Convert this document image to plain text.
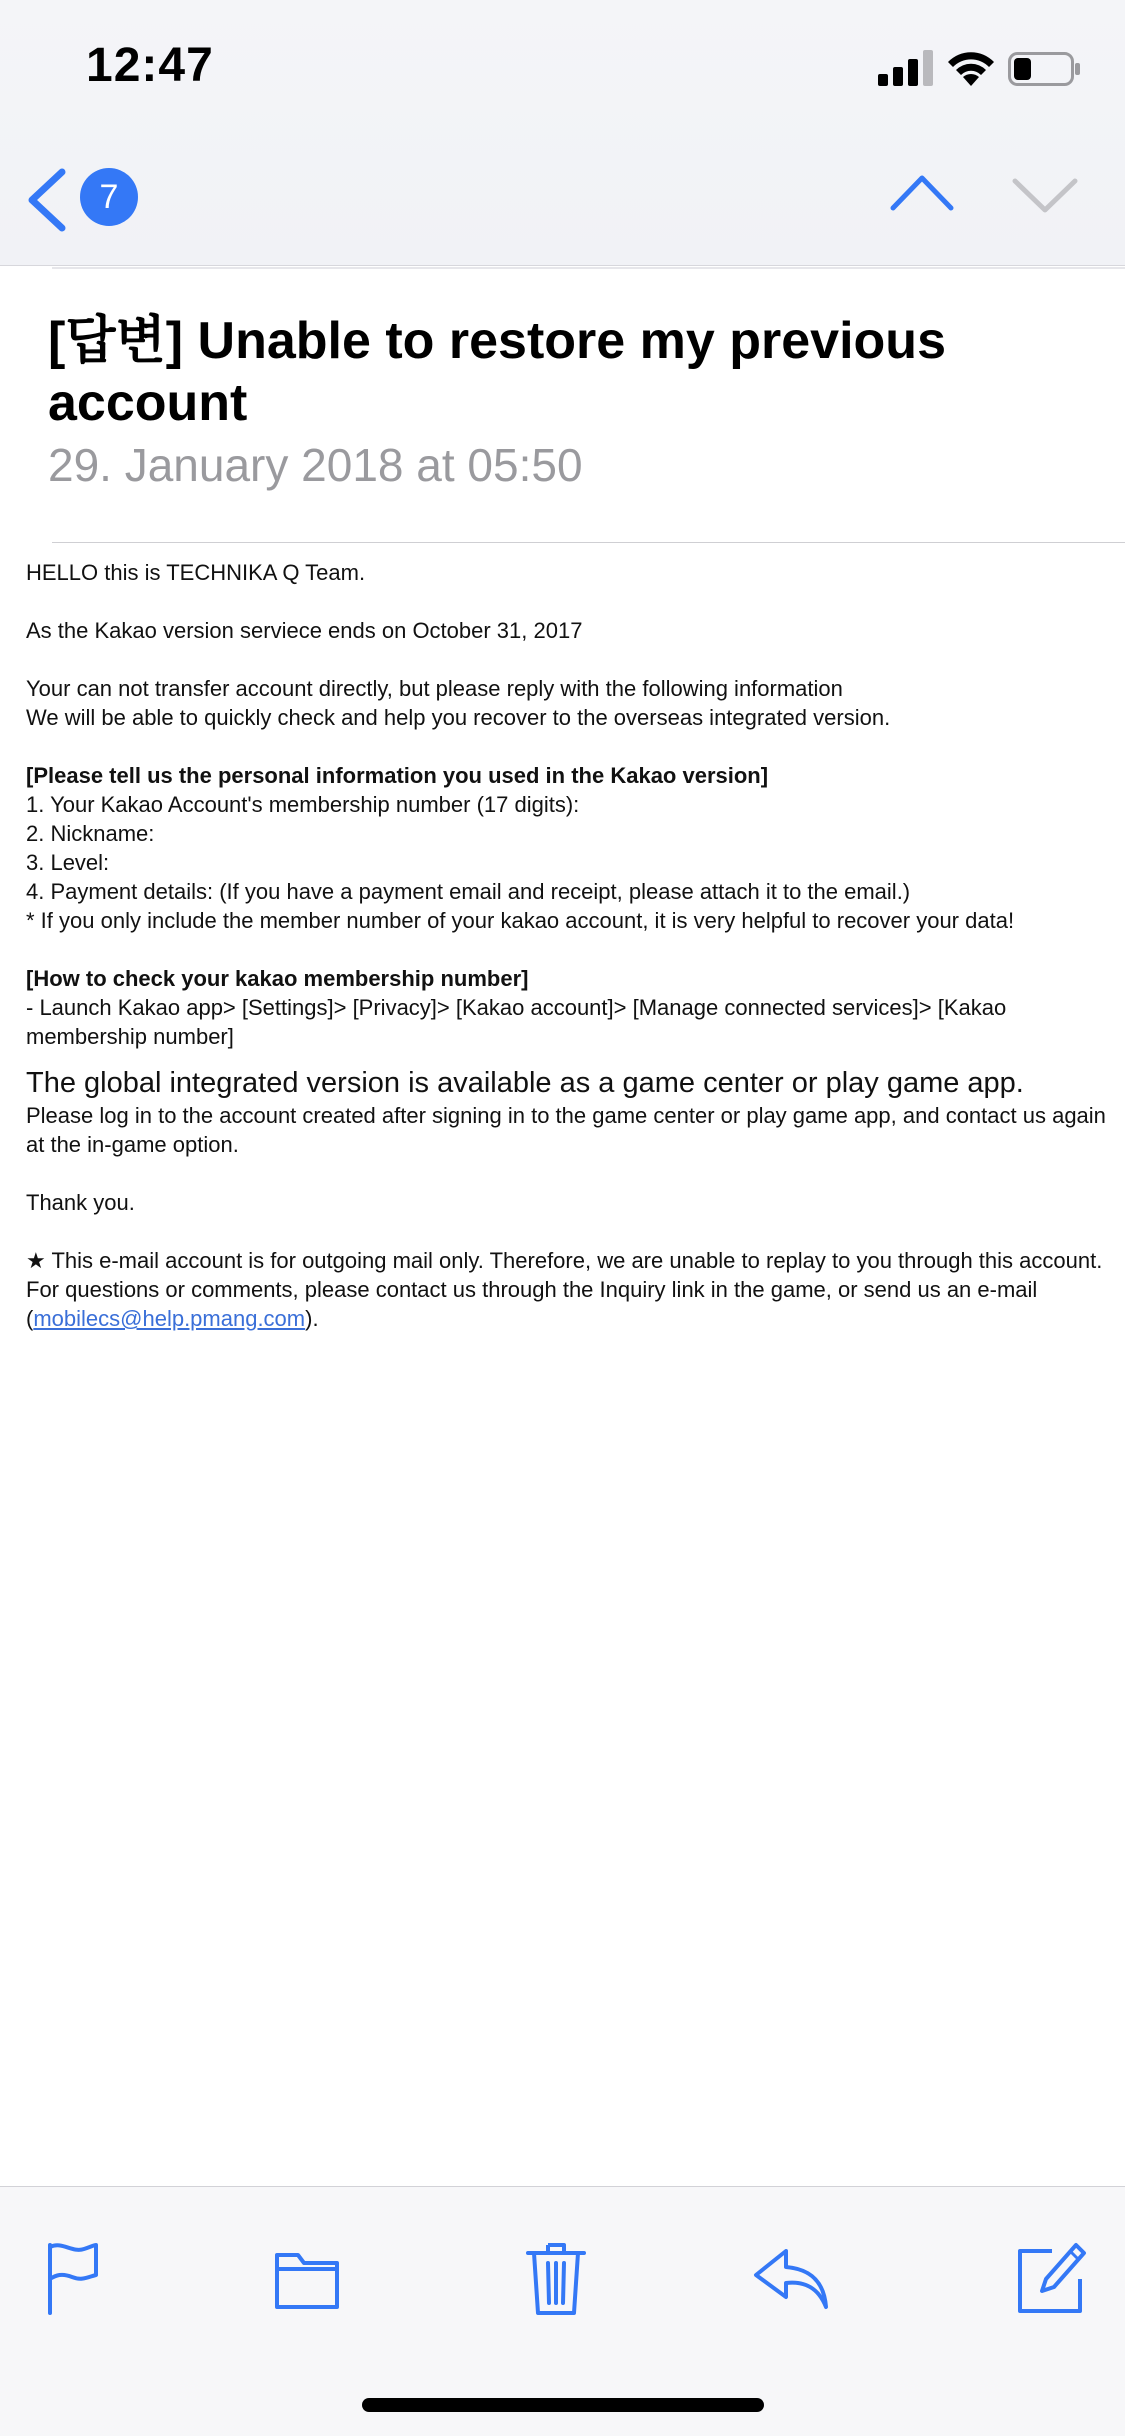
12:47
7
[답변] Unable to restore my previous account
29. January 2018 at 05:50

HELLO this is TECHNIKA Q Team.

As the Kakao version serviece ends on October 31, 2017

Your can not transfer account directly, but please reply with the following information

We will be able to quickly check and help you recover to the overseas integrated version.

[Please tell us the personal information you used in the Kakao version]

1. Your Kakao Account's membership number (17 digits):

2. Nickname:

3. Level:

4. Payment details: (If you have a payment email and receipt, please attach it to the email.)

* If you only include the member number of your kakao account, it is very helpful to recover your data!

[How to check your kakao membership number]

- Launch Kakao app> [Settings]> [Privacy]> [Kakao account]> [Manage connected services]> [Kakao membership number]

The global integrated version is available as a game center or play game app.

Please log in to the account created after signing in to the game center or play game app, and contact us again at the in-game option.

Thank you.

★ This e-mail account is for outgoing mail only. Therefore, we are unable to replay to you through this account. For questions or comments, please contact us through the Inquiry link in the game, or send us an e-mail (mobilecs@help.pmang.com).
